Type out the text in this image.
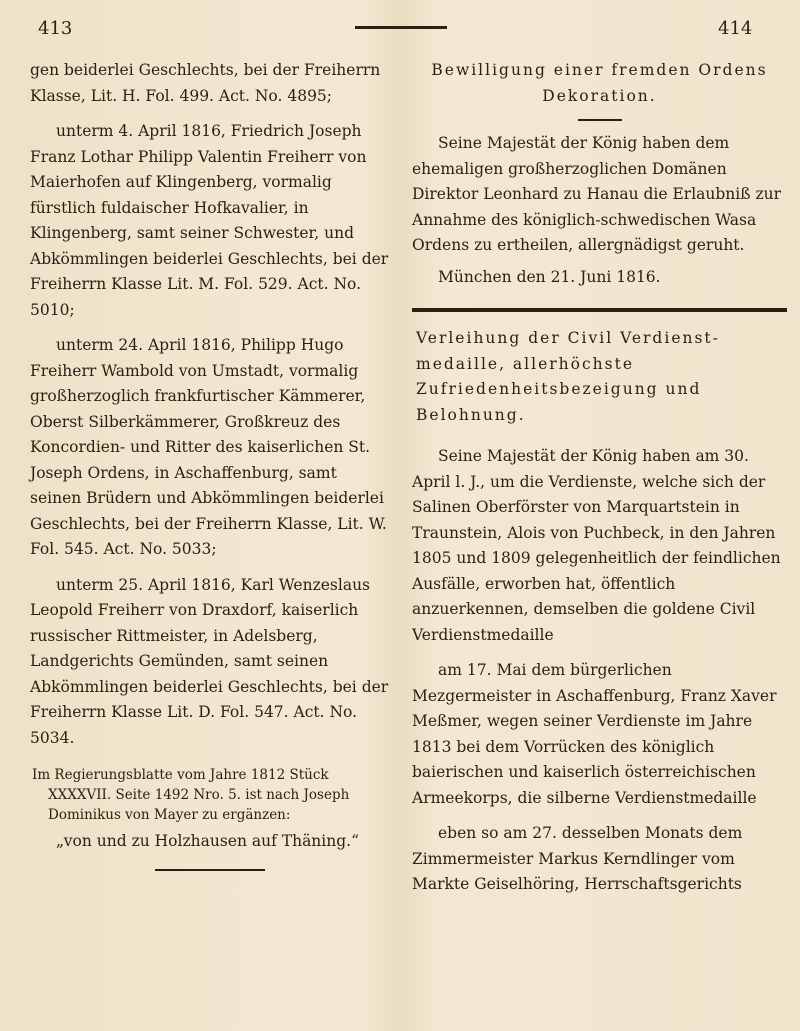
413	414

gen beiderlei Geschlechts, bei der Freiherrn Klasse, Lit. H. Fol. 499. Act. No. 4895;

unterm 4. April 1816, Friedrich Joseph Franz Lothar Philipp Valentin Freiherr von Maierhofen auf Klingenberg, vormalig fürstlich fuldaischer Hofkavalier, in Klingenberg, samt seiner Schwester, und Abkömmlingen beiderlei Geschlechts, bei der Freiherrn Klasse Lit. M. Fol. 529. Act. No. 5010;

unterm 24. April 1816, Philipp Hugo Freiherr Wambold von Umstadt, vormalig großherzoglich frankfurtischer Kämmerer, Oberst Silberkämmerer, Großkreuz des Koncordien- und Ritter des kaiserlichen St. Joseph Ordens, in Aschaffenburg, samt seinen Brüdern und Abkömmlingen beiderlei Geschlechts, bei der Freiherrn Klasse, Lit. W. Fol. 545. Act. No. 5033;

unterm 25. April 1816, Karl Wenzeslaus Leopold Freiherr von Draxdorf, kaiserlich russischer Rittmeister, in Adelsberg, Landgerichts Gemünden, samt seinen Abkömmlingen beiderlei Geschlechts, bei der Freiherrn Klasse Lit. D. Fol. 547. Act. No. 5034.

Im Regierungsblatte vom Jahre 1812 Stück XXXXVII. Seite 1492 Nro. 5. ist nach Joseph Dominikus von Mayer zu ergänzen:

„von und zu Holzhausen auf Thäning.“

Bewilligung einer fremden Ordens Dekoration.

Seine Majestät der König haben dem ehemaligen großherzoglichen Domänen Direktor Leonhard zu Hanau die Erlaubniß zur Annahme des königlich-schwedischen Wasa Ordens zu ertheilen, allergnädigst geruht.

München den 21. Juni 1816.

Verleihung der Civil Verdienst-medaille, allerhöchste Zufriedenheitsbezeigung und Belohnung.

Seine Majestät der König haben am 30. April l. J., um die Verdienste, welche sich der Salinen Oberförster von Marquartstein in Traunstein, Alois von Puchbeck, in den Jahren 1805 und 1809 gelegenheitlich der feindlichen Ausfälle, erworben hat, öffentlich anzuerkennen, demselben die goldene Civil Verdienstmedaille

am 17. Mai dem bürgerlichen Mezgermeister in Aschaffenburg, Franz Xaver Meßmer, wegen seiner Verdienste im Jahre 1813 bei dem Vorrücken des königlich baierischen und kaiserlich österreichischen Armeekorps, die silberne Verdienstmedaille

eben so am 27. desselben Monats dem Zimmermeister Markus Kerndlinger vom Markte Geiselhöring, Herrschaftsgerichts
